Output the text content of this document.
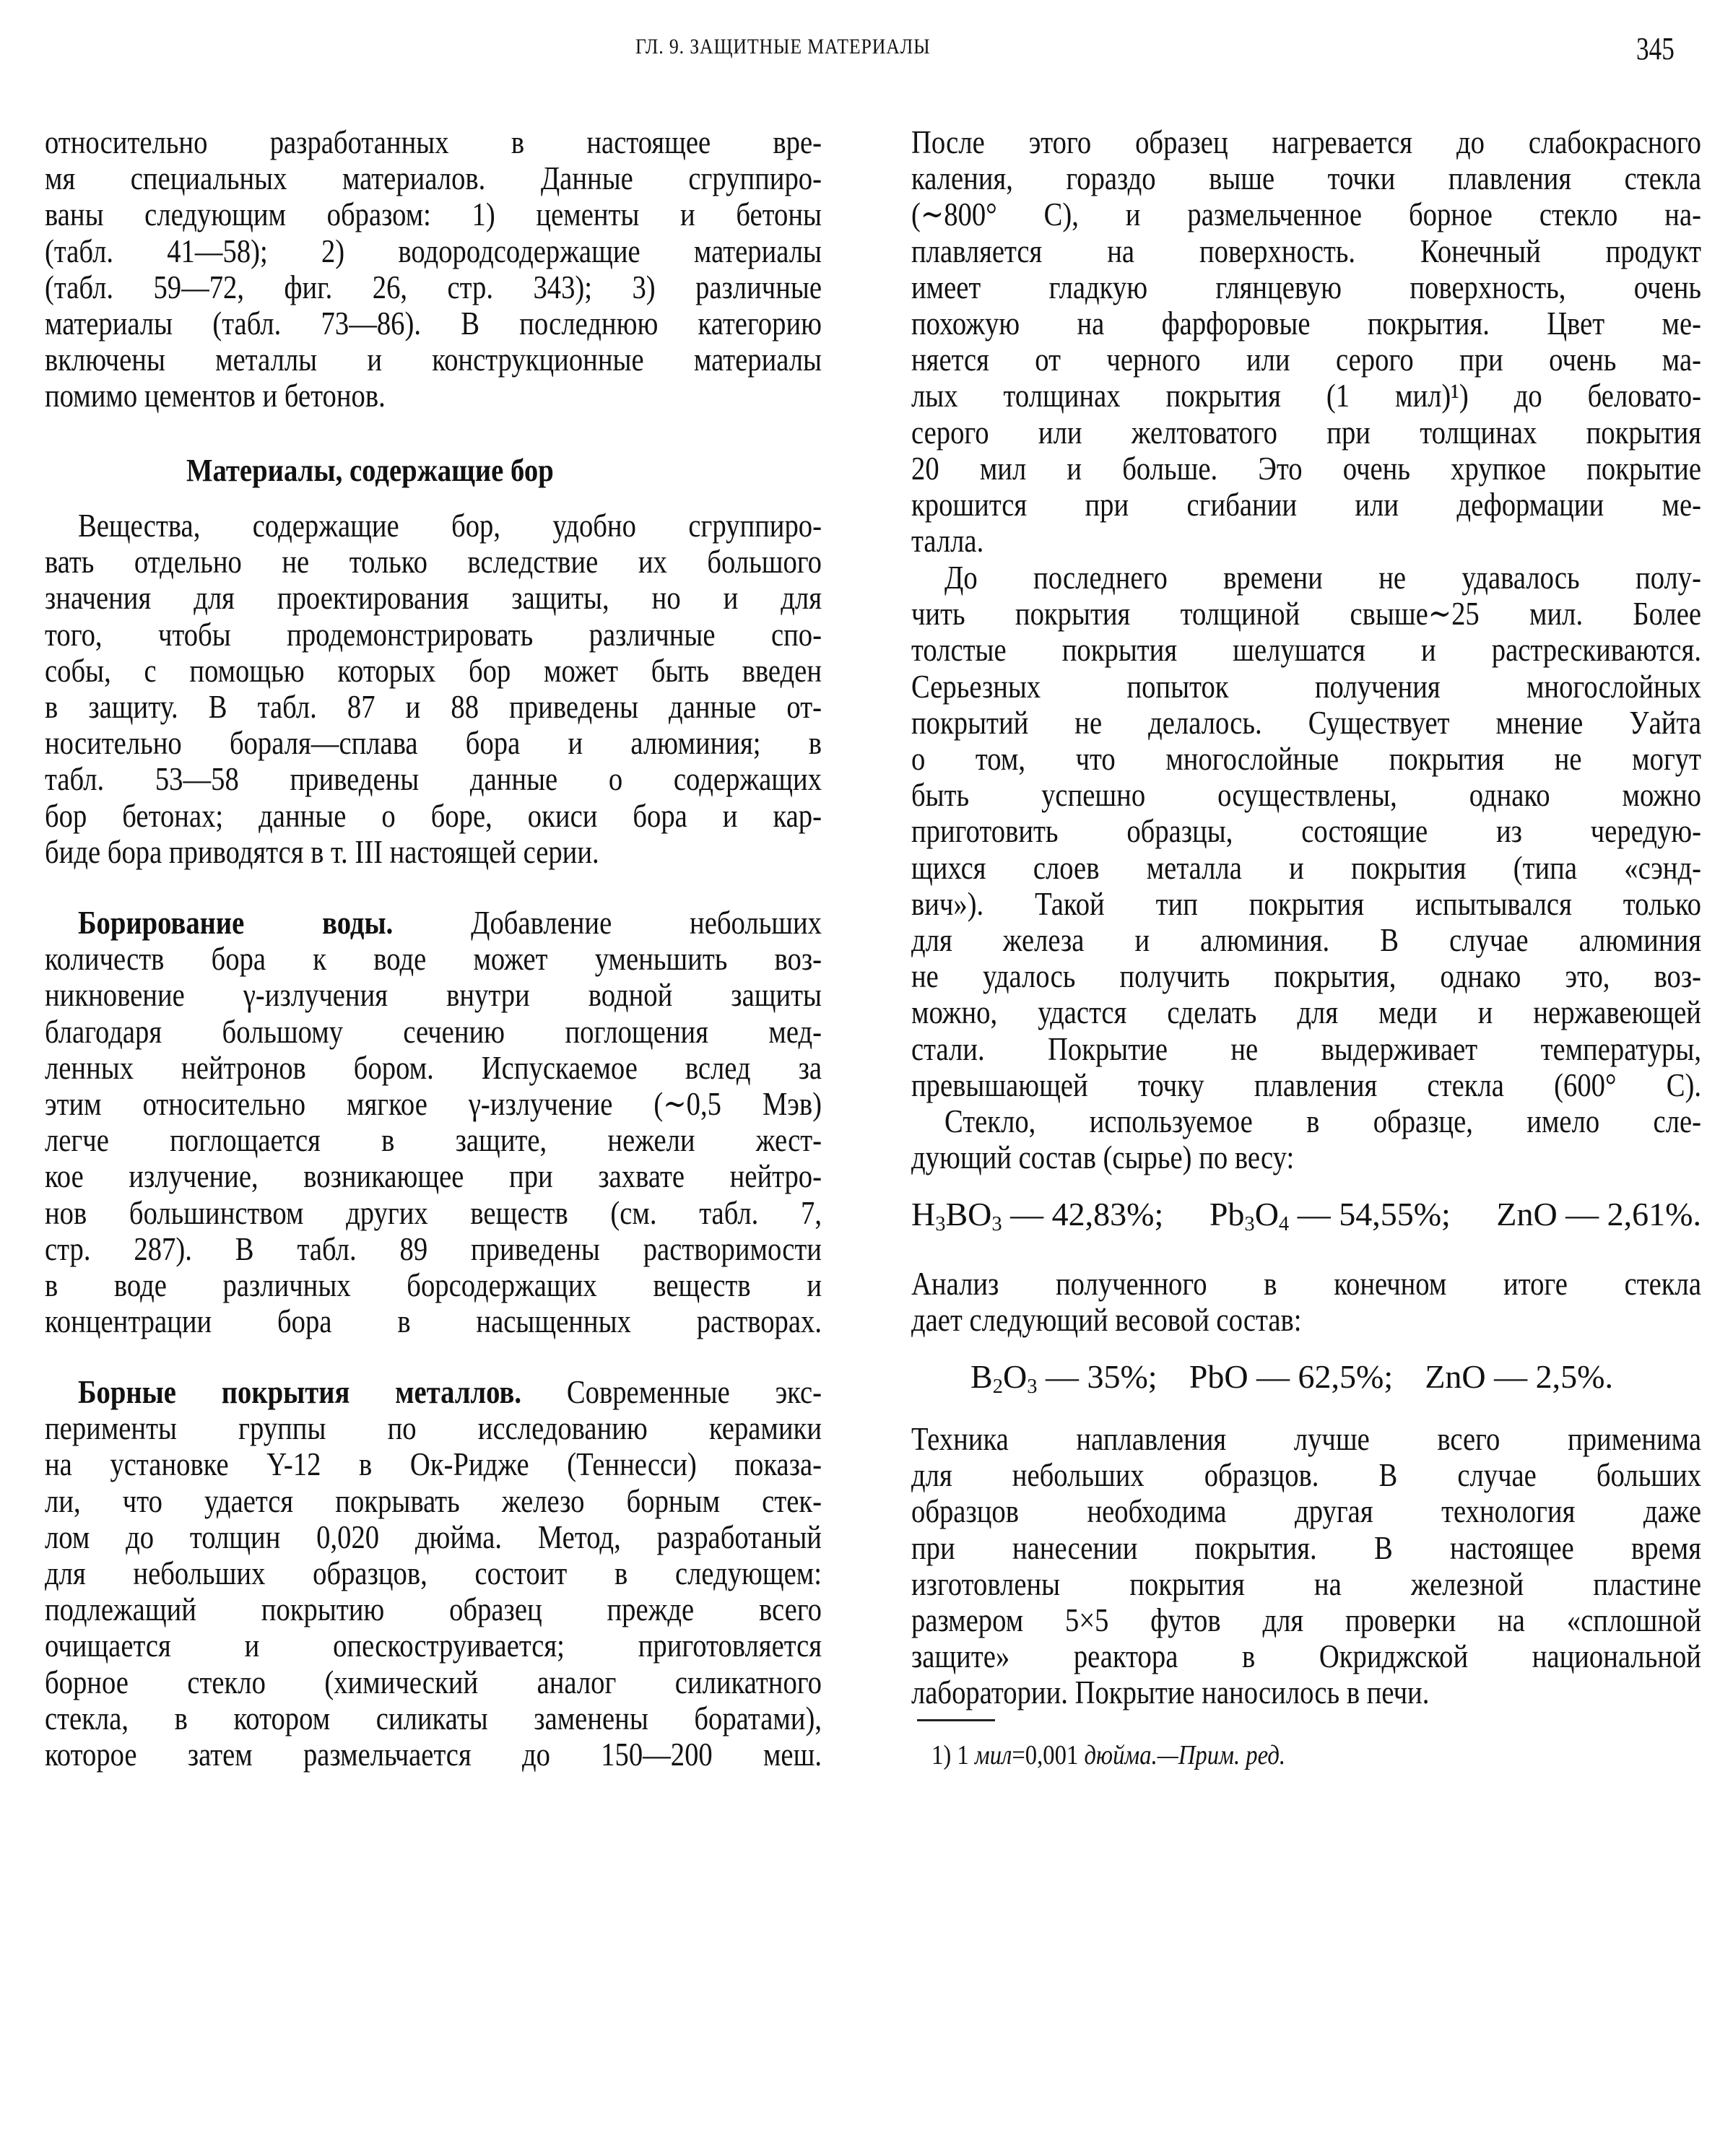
ГЛ. 9. ЗАЩИТНЫЕ МАТЕРИАЛЫ	345
относительно разработанных в настоящее вре-
мя специальных материалов. Данные сгруппиро-
ваны следующим образом: 1) цементы и бетоны
(табл. 41—58); 2) водородсодержащие материалы
(табл. 59—72, фиг. 26, стр. 343); 3) различные
материалы (табл. 73—86). В последнюю категорию
включены металлы и конструкционные материалы
помимо цементов и бетонов.
Материалы, содержащие бор
Вещества, содержащие бор, удобно сгруппиро-
вать отдельно не только вследствие их большого
значения для проектирования защиты, но и для
того, чтобы продемонстрировать различные спо-
собы, с помощью которых бор может быть введен
в защиту. В табл. 87 и 88 приведены данные от-
носительно бораля—сплава бора и алюминия; в
табл. 53—58 приведены данные о содержащих
бор бетонах; данные о боре, окиси бора и кар-
биде бора приводятся в т. III настоящей серии.
Борирование воды. Добавление небольших
количеств бора к воде может уменьшить воз-
никновение γ-излучения внутри водной защиты
благодаря большому сечению поглощения мед-
ленных нейтронов бором. Испускаемое вслед за
этим относительно мягкое γ-излучение (∼0,5 Мэв)
легче поглощается в защите, нежели жест-
кое излучение, возникающее при захвате нейтро-
нов большинством других веществ (см. табл. 7,
стр. 287). В табл. 89 приведены растворимости
в воде различных борсодержащих веществ и
концентрации бора в насыщенных растворах.
Борные покрытия металлов. Современные экс-
перименты группы по исследованию керамики
на установке Y-12 в Ок-Ридже (Теннесси) показа-
ли, что удается покрывать железо борным стек-
лом до толщин 0,020 дюйма. Метод, разработаный
для небольших образцов, состоит в следующем:
подлежащий покрытию образец прежде всего
очищается и опескоструивается; приготовляется
борное стекло (химический аналог силикатного
стекла, в котором силикаты заменены боратами),
которое затем размельчается до 150—200 меш.
После этого образец нагревается до слабокрасного
каления, гораздо выше точки плавления стекла
(∼800° С), и размельченное борное стекло на-
плавляется на поверхность. Конечный продукт
имеет гладкую глянцевую поверхность, очень
похожую на фарфоровые покрытия. Цвет ме-
няется от черного или серого при очень ма-
лых толщинах покрытия (1 мил)¹) до беловато-
серого или желтоватого при толщинах покрытия
20 мил и больше. Это очень хрупкое покрытие
крошится при сгибании или деформации ме-
талла.
До последнего времени не удавалось полу-
чить покрытия толщиной свыше∼25 мил. Более
толстые покрытия шелушатся и растрескиваются.
Серьезных попыток получения многослойных
покрытий не делалось. Существует мнение Уайта
о том, что многослойные покрытия не могут
быть успешно осуществлены, однако можно
приготовить образцы, состоящие из чередую-
щихся слоев металла и покрытия (типа «сэнд-
вич»). Такой тип покрытия испытывался только
для железа и алюминия. В случае алюминия
не удалось получить покрытия, однако это, воз-
можно, удастся сделать для меди и нержавеющей
стали. Покрытие не выдерживает температуры,
превышающей точку плавления стекла (600° С).
Стекло, используемое в образце, имело сле-
дующий состав (сырье) по весу:
$H_3BO_3$ — 42,83%; $Pb_3O_4$ — 54,55%; ZnO — 2,61%.
Анализ полученного в конечном итоге стекла
дает следующий весовой состав:
$B_2O_3$ — 35%; PbO — 62,5%; ZnO — 2,5%.
Техника наплавления лучше всего применима
для небольших образцов. В случае больших
образцов необходима другая технология даже
при нанесении покрытия. В настоящее время
изготовлены покрытия на железной пластине
размером 5×5 футов для проверки на «сплошной
защите» реактора в Окриджской национальной
лаборатории. Покрытие наносилось в печи.
1) 1 мил=0,001 дюйма.—Прим. ред.
